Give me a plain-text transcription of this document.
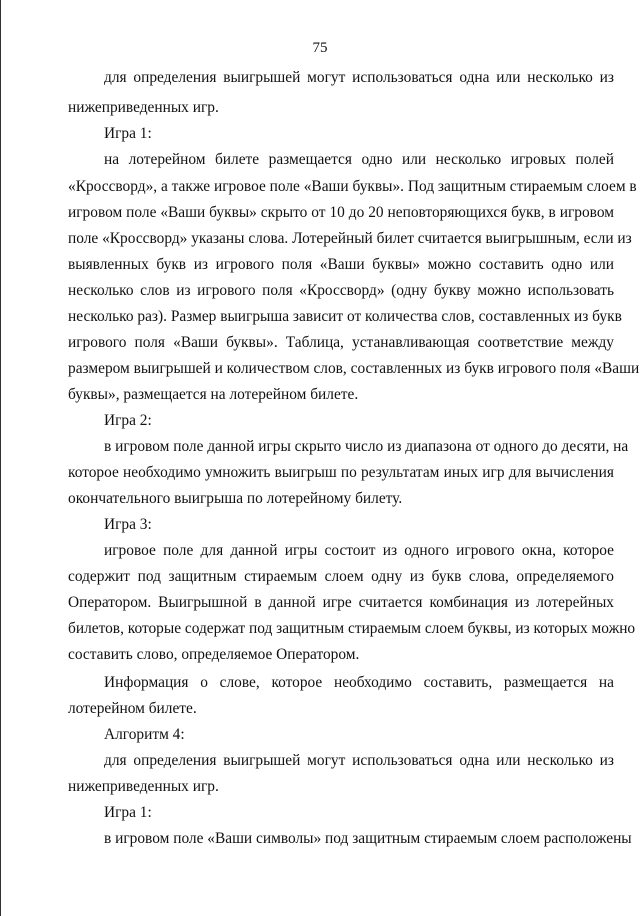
75
для определения выигрышей могут использоваться одна или несколько из
нижеприведенных игр.
Игра 1:
на лотерейном билете размещается одно или несколько игровых полей
«Кроссворд», а также игровое поле «Ваши буквы». Под защитным стираемым слоем в
игровом поле «Ваши буквы» скрыто от 10 до 20 неповторяющихся букв, в игровом
поле «Кроссворд» указаны слова. Лотерейный билет считается выигрышным, если из
выявленных букв из игрового поля «Ваши буквы» можно составить одно или
несколько слов из игрового поля «Кроссворд» (одну букву можно использовать
несколько раз). Размер выигрыша зависит от количества слов, составленных из букв
игрового поля «Ваши буквы». Таблица, устанавливающая соответствие между
размером выигрышей и количеством слов, составленных из букв игрового поля «Ваши
буквы», размещается на лотерейном билете.
Игра 2:
в игровом поле данной игры скрыто число из диапазона от одного до десяти, на
которое необходимо умножить выигрыш по результатам иных игр для вычисления
окончательного выигрыша по лотерейному билету.
Игра 3:
игровое поле для данной игры состоит из одного игрового окна, которое
содержит под защитным стираемым слоем одну из букв слова, определяемого
Оператором. Выигрышной в данной игре считается комбинация из лотерейных
билетов, которые содержат под защитным стираемым слоем буквы, из которых можно
составить слово, определяемое Оператором.
Информация о слове, которое необходимо составить, размещается на
лотерейном билете.
Алгоритм 4:
для определения выигрышей могут использоваться одна или несколько из
нижеприведенных игр.
Игра 1:
в игровом поле «Ваши символы» под защитным стираемым слоем расположены
